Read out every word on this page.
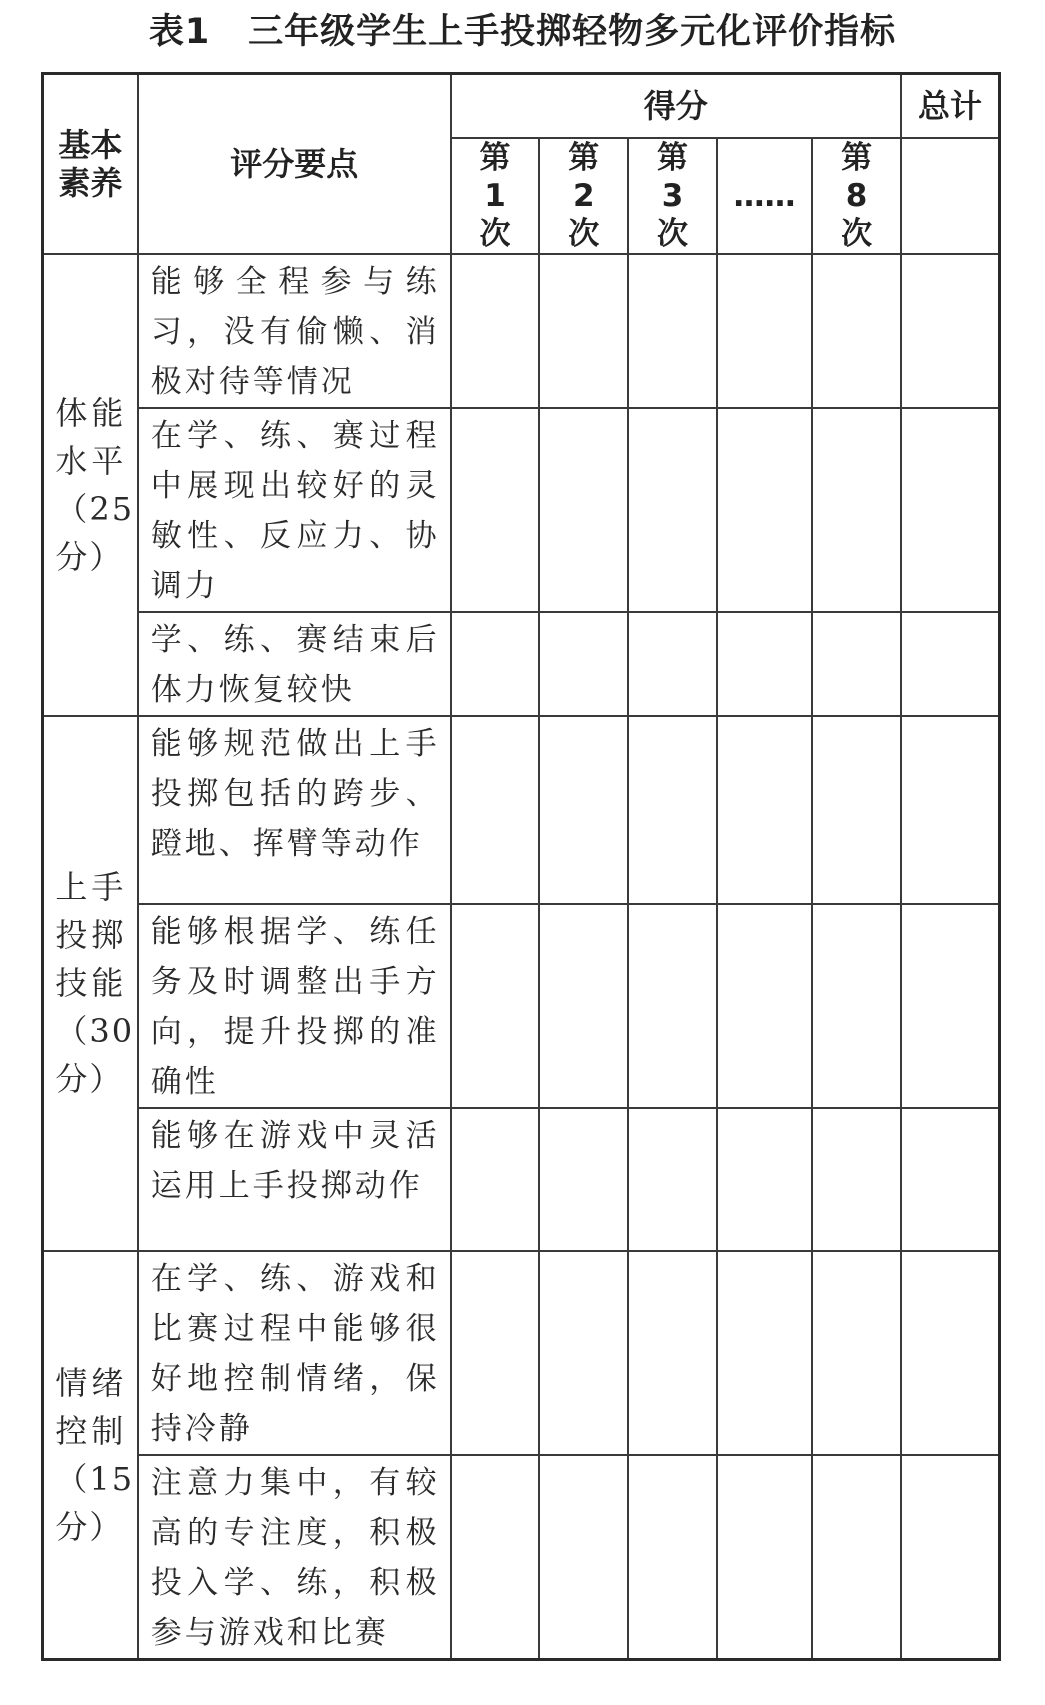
表1 三年级学生上手投掷轻物多元化评价指标
基本素养	评分要点	得分					总计

		第1次	第2次	第3次	……	第8次	

体能水平（25分）	能够全程参与练习，没有偷懒、消极对待等情况						

	在学、练、赛过程中展现出较好的灵敏性、反应力、协调力						

	学、练、赛结束后体力恢复较快						

上手投掷技能（30分）	能够规范做出上手投掷包括的跨步、蹬地、挥臂等动作						

	能够根据学、练任务及时调整出手方向，提升投掷的准确性						

	能够在游戏中灵活运用上手投掷动作						

情绪控制（15分）	在学、练、游戏和比赛过程中能够很好地控制情绪，保持冷静						

	注意力集中，有较高的专注度，积极投入学、练，积极参与游戏和比赛						
